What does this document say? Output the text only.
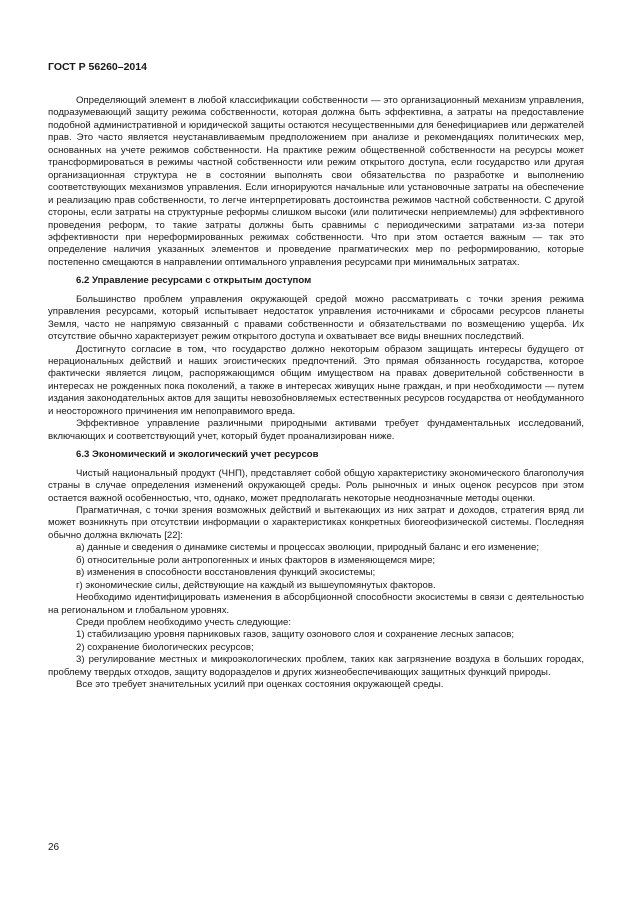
ГОСТ Р 56260–2014

Определяющий элемент в любой классификации собственности — это организационный механизм управления, подразумевающий защиту режима собственности, которая должна быть эффективна, а затраты на предоставление подобной административной и юридической защиты остаются несущественными для бенефициариев или держателей прав. Это часто является неустанавливаемым предположением при анализе и рекомендациях политических мер, основанных на учете режимов собственности. На практике режим общественной собственности на ресурсы может трансформироваться в режимы частной собственности или режим открытого доступа, если государство или другая организационная структура не в состоянии выполнять свои обязательства по разработке и выполнению соответствующих механизмов управления. Если игнорируются начальные или установочные затраты на обеспечение и реализацию прав собственности, то легче интерпретировать достоинства режимов частной собственности. С другой стороны, если затраты на структурные реформы слишком высоки (или политически неприемлемы) для эффективного проведения реформ, то такие затраты должны быть сравнимы с периодическими затратами из-за потери эффективности при нереформированных режимах собственности. Что при этом остается важным — так это определение наличия указанных элементов и проведение прагматических мер по реформированию, которые постепенно смещаются в направлении оптимального управления ресурсами при минимальных затратах.

6.2 Управление ресурсами с открытым доступом

Большинство проблем управления окружающей средой можно рассматривать с точки зрения режима управления ресурсами, который испытывает недостаток управления источниками и сбросами ресурсов планеты Земля, часто не напрямую связанный с правами собственности и обязательствами по возмещению ущерба. Их отсутствие обычно характеризует режим открытого доступа и охватывает все виды внешних последствий.

Достигнуто согласие в том, что государство должно некоторым образом защищать интересы будущего от нерациональных действий и наших эгоистических предпочтений. Это прямая обязанность государства, которое фактически является лицом, распоряжающимся общим имуществом на правах доверительной собственности в интересах не рожденных пока поколений, а также в интересах живущих ныне граждан, и при необходимости — путем издания законодательных актов для защиты невозобновляемых естественных ресурсов государства от необдуманного и неосторожного причинения им непоправимого вреда.

Эффективное управление различными природными активами требует фундаментальных исследований, включающих и соответствующий учет, который будет проанализирован ниже.

6.3 Экономический и экологический учет ресурсов

Чистый национальный продукт (ЧНП), представляет собой общую характеристику экономического благополучия страны в случае определения изменений окружающей среды. Роль рыночных и иных оценок ресурсов при этом остается важной особенностью, что, однако, может предполагать некоторые неоднозначные методы оценки.

Прагматичная, с точки зрения возможных действий и вытекающих из них затрат и доходов, стратегия вряд ли может возникнуть при отсутствии информации о характеристиках конкретных биогеофизической системы. Последняя обычно должна включать [22]:

а) данные и сведения о динамике системы и процессах эволюции, природный баланс и его изменение;

б) относительные роли антропогенных и иных факторов в изменяющемся мире;

в) изменения в способности восстановления функций экосистемы;

г) экономические силы, действующие на каждый из вышеупомянутых факторов.

Необходимо идентифицировать изменения в абсорбционной способности экосистемы в связи с деятельностью на региональном и глобальном уровнях.

Среди проблем необходимо учесть следующие:

1) стабилизацию уровня парниковых газов, защиту озонового слоя и сохранение лесных запасов;

2) сохранение биологических ресурсов;

3) регулирование местных и микроэкологических проблем, таких как загрязнение воздуха в больших городах, проблему твердых отходов, защиту водоразделов и других жизнеобеспечивающих защитных функций природы.

Все это требует значительных усилий при оценках состояния окружающей среды.

26
